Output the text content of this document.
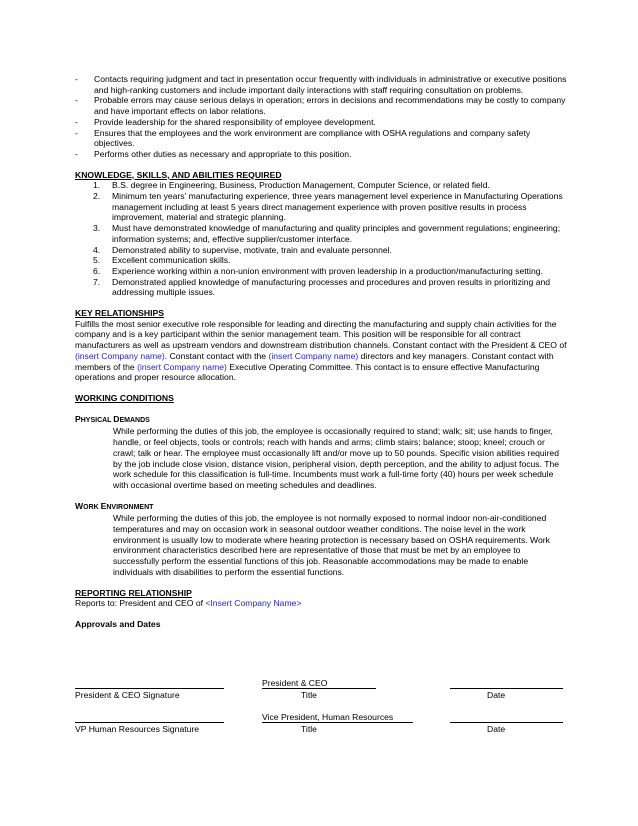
- Contacts requiring judgment and tact in presentation occur frequently with individuals in administrative or executive positions and high-ranking customers and include important daily interactions with staff requiring consultation on problems.
- Probable errors may cause serious delays in operation; errors in decisions and recommendations may be costly to company and have important effects on labor relations.
- Provide leadership for the shared responsibility of employee development.
- Ensures that the employees and the work environment are compliance with OSHA regulations and company safety objectives.
- Performs other duties as necessary and appropriate to this position.
KNOWLEDGE, SKILLS, AND ABILITIES REQUIRED
1. B.S. degree in Engineering, Business, Production Management, Computer Science, or related field.
2. Minimum ten years' manufacturing experience, three years management level experience in Manufacturing Operations management including at least 5 years direct management experience with proven positive results in process improvement, material and strategic planning.
3. Must have demonstrated knowledge of manufacturing and quality principles and government regulations; engineering; information systems; and, effective supplier/customer interface.
4. Demonstrated ability to supervise, motivate, train and evaluate personnel.
5. Excellent communication skills.
6. Experience working within a non-union environment with proven leadership in a production/manufacturing setting.
7. Demonstrated applied knowledge of manufacturing processes and procedures and proven results in prioritizing and addressing multiple issues.
KEY RELATIONSHIPS
Fulfills the most senior executive role responsible for leading and directing the manufacturing and supply chain activities for the company and is a key participant within the senior management team. This position will be responsible for all contract manufacturers as well as upstream vendors and downstream distribution channels. Constant contact with the President & CEO of (insert Company name). Constant contact with the (insert Company name) directors and key managers. Constant contact with members of the (insert Company name) Executive Operating Committee. This contact is to ensure effective Manufacturing operations and proper resource allocation.
WORKING CONDITIONS
PHYSICAL DEMANDS
While performing the duties of this job, the employee is occasionally required to stand; walk; sit; use hands to finger, handle, or feel objects, tools or controls; reach with hands and arms; climb stairs; balance; stoop; kneel; crouch or crawl; talk or hear. The employee must occasionally lift and/or move up to 50 pounds. Specific vision abilities required by the job include close vision, distance vision, peripheral vision, depth perception, and the ability to adjust focus. The work schedule for this classification is full-time. Incumbents must work a full-time forty (40) hours per week schedule with occasional overtime based on meeting schedules and deadlines.
WORK ENVIRONMENT
While performing the duties of this job, the employee is not normally exposed to normal indoor non-air-conditioned temperatures and may on occasion work in seasonal outdoor weather conditions. The noise level in the work environment is usually low to moderate where hearing protection is necessary based on OSHA requirements. Work environment characteristics described here are representative of those that must be met by an employee to successfully perform the essential functions of this job. Reasonable accommodations may be made to enable individuals with disabilities to perform the essential functions.
REPORTING RELATIONSHIP
Reports to: President and CEO of <Insert Company Name>
Approvals and Dates
President & CEO Signature
President & CEO
Title	Date
VP Human Resources Signature
Vice President, Human Resources
Title	Date
